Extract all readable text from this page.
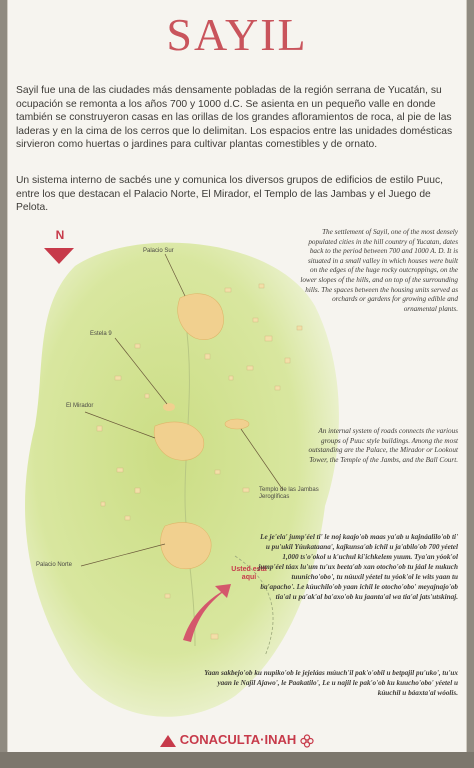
SAYIL
Sayil fue una de las ciudades más densamente pobladas de la región serrana de Yucatán, su ocupación se remonta a los años 700 y 1000 d.C. Se asienta en un pequeño valle en donde también se construyeron casas en las orillas de los grandes afloramientos de roca, al pie de las laderas y en la cima de los cerros que lo delimitan. Los espacios entre las unidades domésticas sirvieron como huertas o jardines para cultivar plantas comestibles y de ornato.
Un sistema interno de sacbés une y comunica los diversos grupos de edificios de estilo Puuc, entre los que destacan el Palacio Norte, El Mirador, el Templo de las Jambas y el Juego de Pelota.
N
Palacio Sur
Estela 9
El Mirador
Templo de las Jambas Jeroglíficas
Palacio Norte
Usted está aquí
The settlement of Sayil, one of the most densely populated cities in the hill country of Yucatan, dates back to the period between 700 and 1000 A. D. It is situated in a small valley in which houses were built on the edges of the huge rocky outcroppings, on the lower slopes of the hills, and on top of the surrounding hills. The spaces between the housing units served as orchards or gardens for growing edible and ornamental plants.
An internal system of roads connects the various groups of Puuc style buildings. Among the most outstanding are the Palace, the Mirador or Lookout Tower, the Temple of the Jambs, and the Ball Court.
Le je'ela' jump'éel ti' le noj kaajo'ob maas ya'ab u kajnáalilo'ob ti' u pu'ukil Yúukataana', kajkunsa'ab ichil u ja'abilo'ob 700 yéetel 1,000 ts'o'okol u k'uchul ki'ichkelem yuum. Tya'an yóok'ol jump'éel táax lu'um tu'ux beeta'ab xan otocho'ob tu jáal le nukuch tuunicho'obo', tu núuxil yéetel tu yóok'ol le wits yaan tu ba'apacho'. Le kúuchilo'ob yaan ichil le otocho'obo' meyajnajo'ob tia'al u pa'ak'al ba'axo'ob ku jaanta'al wa tia'al jats'utskinaj.
Yaan sakbejo'ob ku nupiko'ob le jejeláas múuch'il pak'o'obil u betpajil pu'uko', tu'ux yaan le Najil Ajawo', le Paakatilo', Le u najil le pak'o'ob ku kuucho'obo' yéetel u kúuchil u báaxta'al wóolis.
CONACULTA·INAH
